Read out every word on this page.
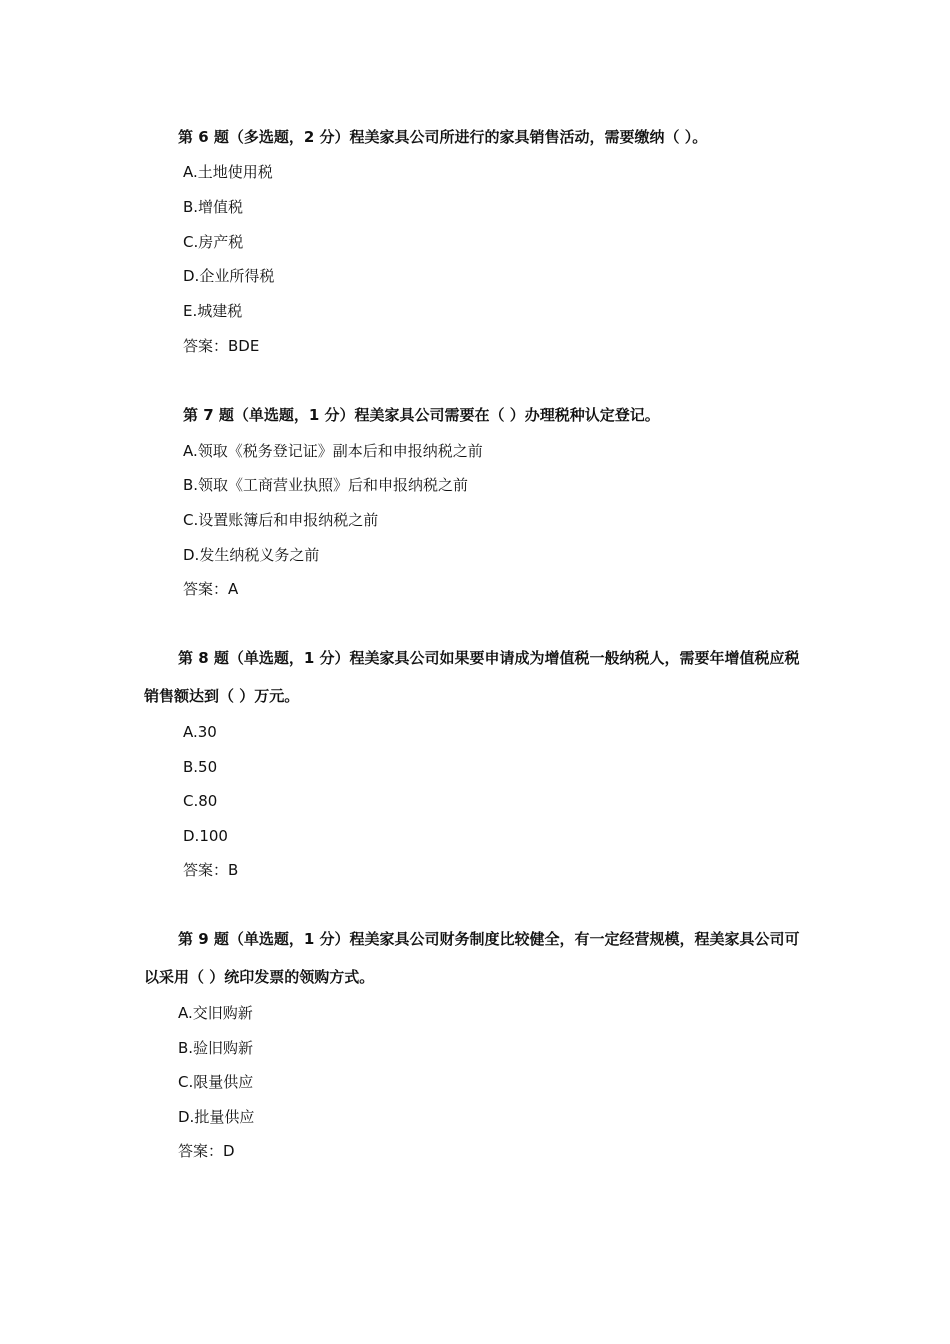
第 6 题（多选题，2 分）程美家具公司所进行的家具销售活动，需要缴纳（ ）。
A.土地使用税
B.增值税
C.房产税
D.企业所得税
E.城建税
答案：BDE
第 7 题（单选题，1 分）程美家具公司需要在（ ）办理税种认定登记。
A.领取《税务登记证》副本后和申报纳税之前
B.领取《工商营业执照》后和申报纳税之前
C.设置账簿后和申报纳税之前
D.发生纳税义务之前
答案：A
第 8 题（单选题，1 分）程美家具公司如果要申请成为增值税一般纳税人，需要年增值税应税销售额达到（ ）万元。
A.30
B.50
C.80
D.100
答案：B
第 9 题（单选题，1 分）程美家具公司财务制度比较健全，有一定经营规模，程美家具公司可以采用（ ）统印发票的领购方式。
A.交旧购新
B.验旧购新
C.限量供应
D.批量供应
答案：D
